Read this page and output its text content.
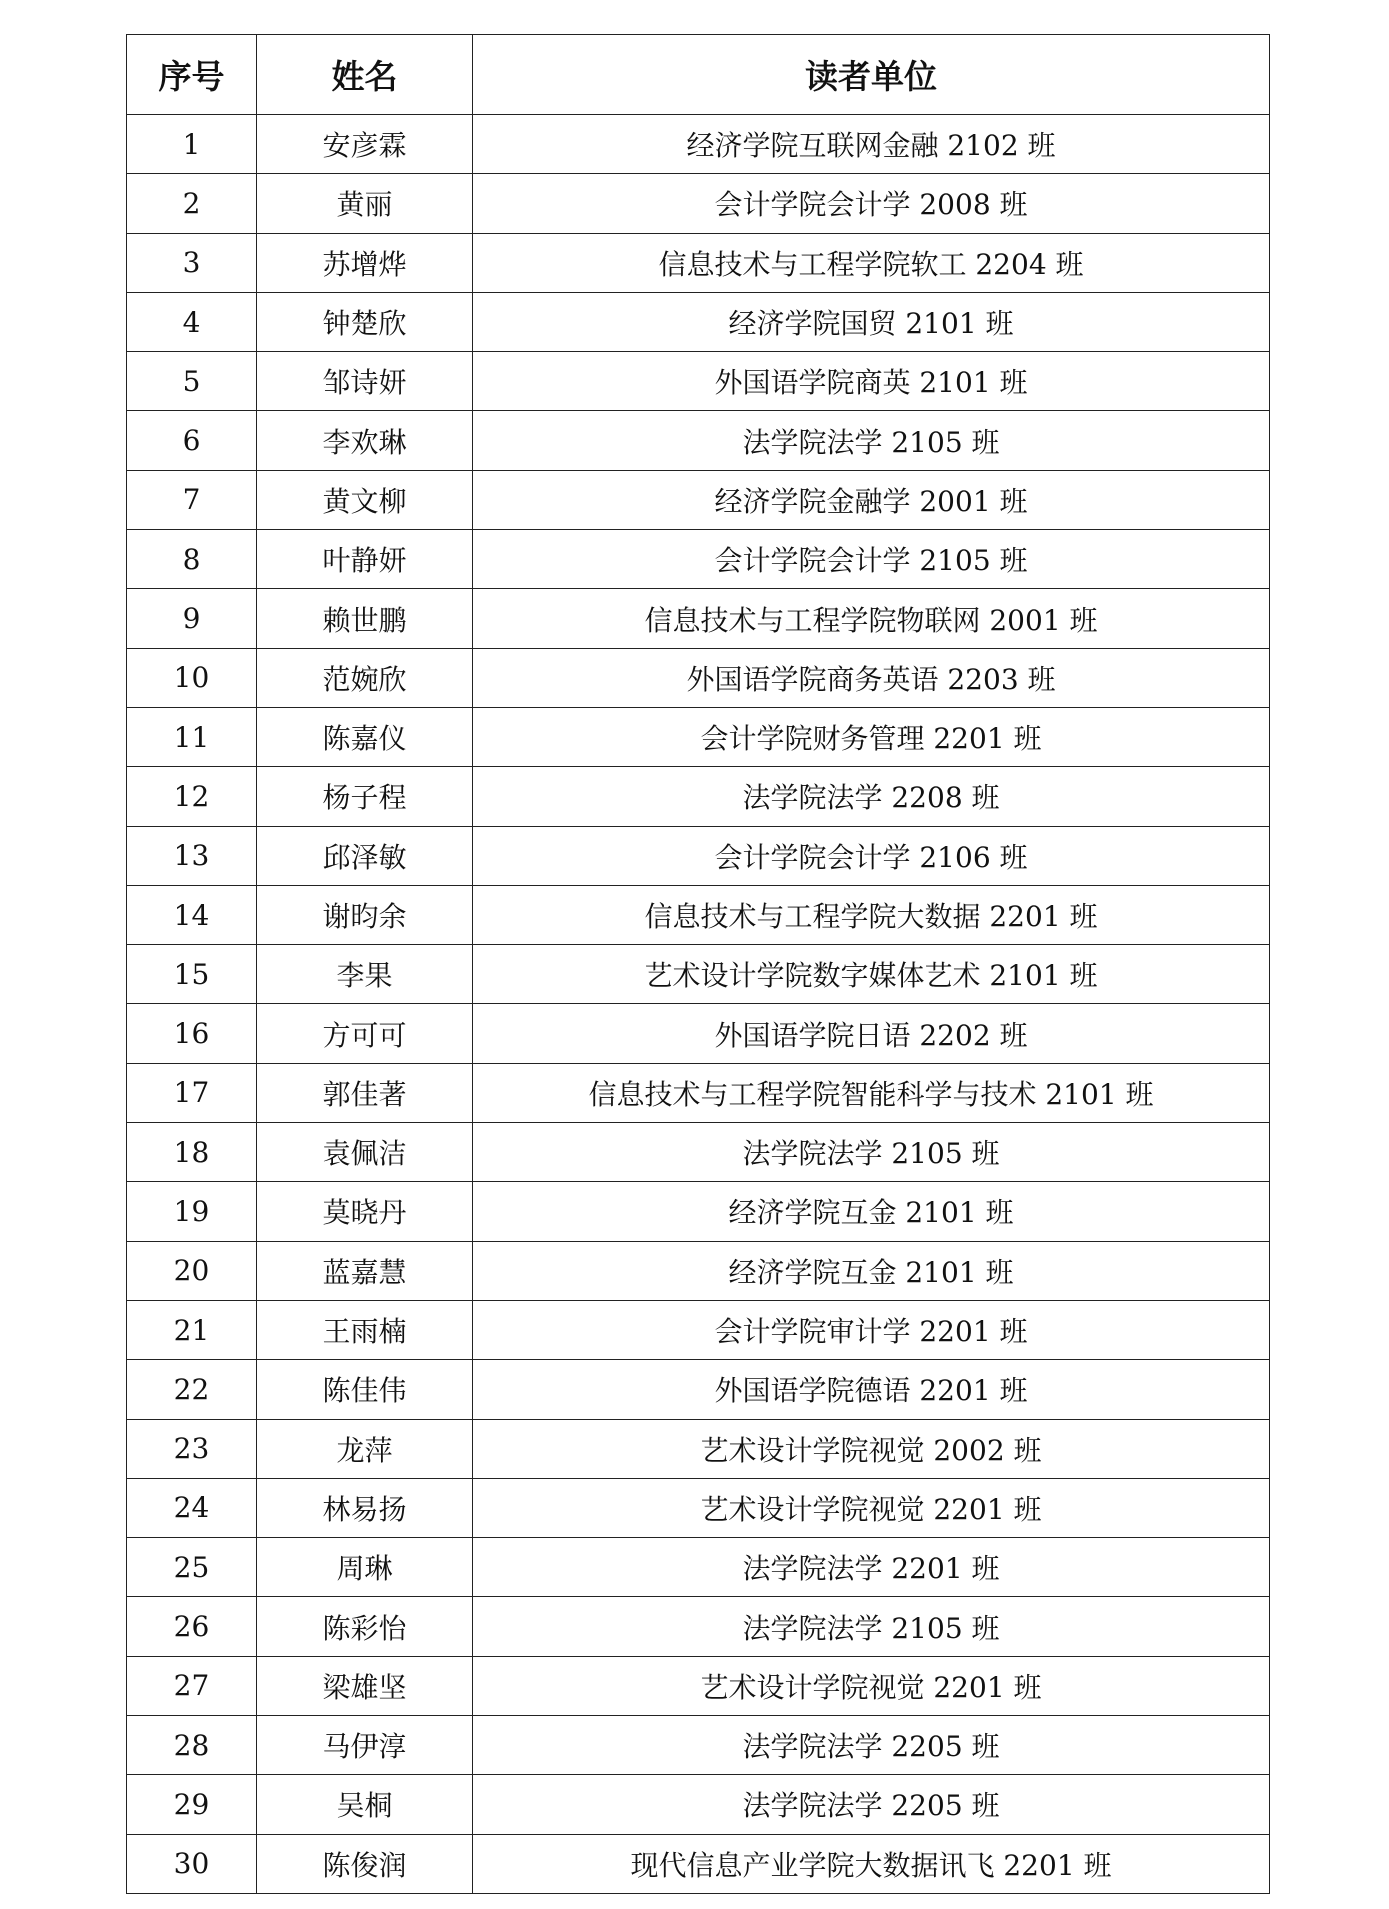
序号	姓名	读者单位
1	安彦霖	经济学院互联网金融 2102 班
2	黄丽	会计学院会计学 2008 班
3	苏增烨	信息技术与工程学院软工 2204 班
4	钟楚欣	经济学院国贸 2101 班
5	邹诗妍	外国语学院商英 2101 班
6	李欢琳	法学院法学 2105 班
7	黄文柳	经济学院金融学 2001 班
8	叶静妍	会计学院会计学 2105 班
9	赖世鹏	信息技术与工程学院物联网 2001 班
10	范婉欣	外国语学院商务英语 2203 班
11	陈嘉仪	会计学院财务管理 2201 班
12	杨子程	法学院法学 2208 班
13	邱泽敏	会计学院会计学 2106 班
14	谢昀余	信息技术与工程学院大数据 2201 班
15	李果	艺术设计学院数字媒体艺术 2101 班
16	方可可	外国语学院日语 2202 班
17	郭佳著	信息技术与工程学院智能科学与技术 2101 班
18	袁佩洁	法学院法学 2105 班
19	莫晓丹	经济学院互金 2101 班
20	蓝嘉慧	经济学院互金 2101 班
21	王雨楠	会计学院审计学 2201 班
22	陈佳伟	外国语学院德语 2201 班
23	龙萍	艺术设计学院视觉 2002 班
24	林易扬	艺术设计学院视觉 2201 班
25	周琳	法学院法学 2201 班
26	陈彩怡	法学院法学 2105 班
27	梁雄坚	艺术设计学院视觉 2201 班
28	马伊淳	法学院法学 2205 班
29	吴桐	法学院法学 2205 班
30	陈俊润	现代信息产业学院大数据讯飞 2201 班
